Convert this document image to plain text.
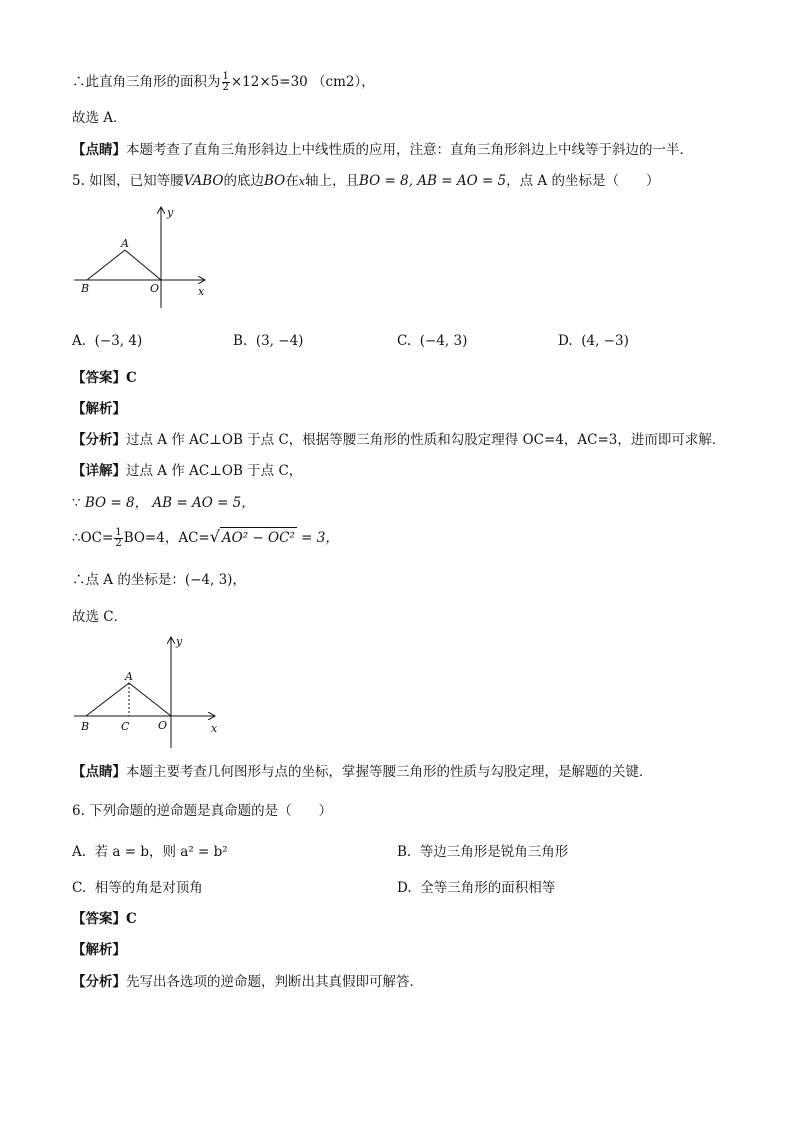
∴此直角三角形的面积为 $\frac{1}{2} \times 12\times 5=30$ （cm2），
故选 A．
【点睛】本题考查了直角三角形斜边上中线性质的应用，注意：直角三角形斜边上中线等于斜边的一半．
5. 如图，已知等腰VABO的底边BO在x轴上，且BO = 8, AB = AO = 5，点 A 的坐标是（　　）
A
B	O	x
y
A. (−3, 4)	B. (3, −4)	C. (−4, 3)	D. (4, −3)
【答案】C
【解析】
【分析】过点 A 作 AC⊥OB 于点 C，根据等腰三角形的性质和勾股定理得 OC=4，AC=3，进而即可求解．
【详解】过点 A 作 AC⊥OB 于点 C，
∵ BO = 8， AB = AO = 5，
∴OC= $\frac{1}{2} BO=4$，AC=√ AO² − OC² = 3，
∴点 A 的坐标是：(−4, 3)，
故选 C．
A
B	C	O	x
y
【点睛】本题主要考查几何图形与点的坐标，掌握等腰三角形的性质与勾股定理，是解题的关键．
6. 下列命题的逆命题是真命题的是（　　）
A. 若 a = b，则 a² = b²	B. 等边三角形是锐角三角形
C. 相等的角是对顶角	D. 全等三角形的面积相等
【答案】C
【解析】
【分析】先写出各选项的逆命题，判断出其真假即可解答．
